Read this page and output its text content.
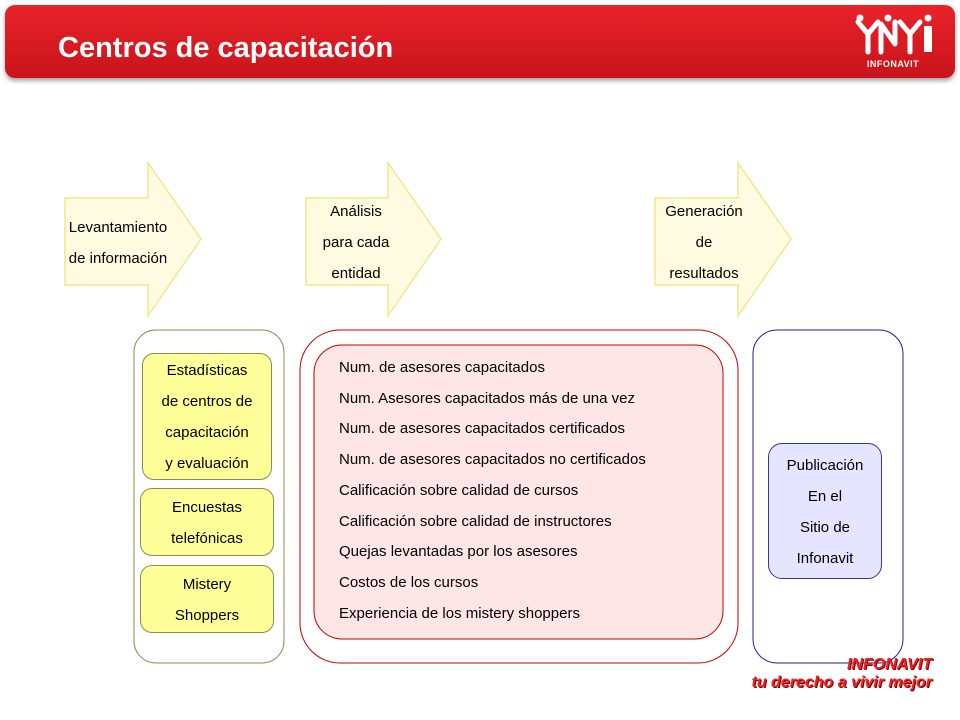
Centros de capacitación	INFONAVIT
Levantamiento
de información
Análisis
para cada
entidad
Generación
de
resultados
Estadísticas
de centros de
capacitación
y evaluación
Encuestas
telefónicas
Mistery
Shoppers
Num. de asesores capacitados
Num. Asesores capacitados más de una vez
Num. de asesores capacitados certificados
Num. de asesores capacitados no certificados
Calificación sobre calidad de cursos
Calificación sobre calidad de instructores
Quejas levantadas por los asesores
Costos de los cursos
Experiencia de los mistery shoppers
Publicación
En el
Sitio de
Infonavit
INFONAVIT
tu derecho a vivir mejor
